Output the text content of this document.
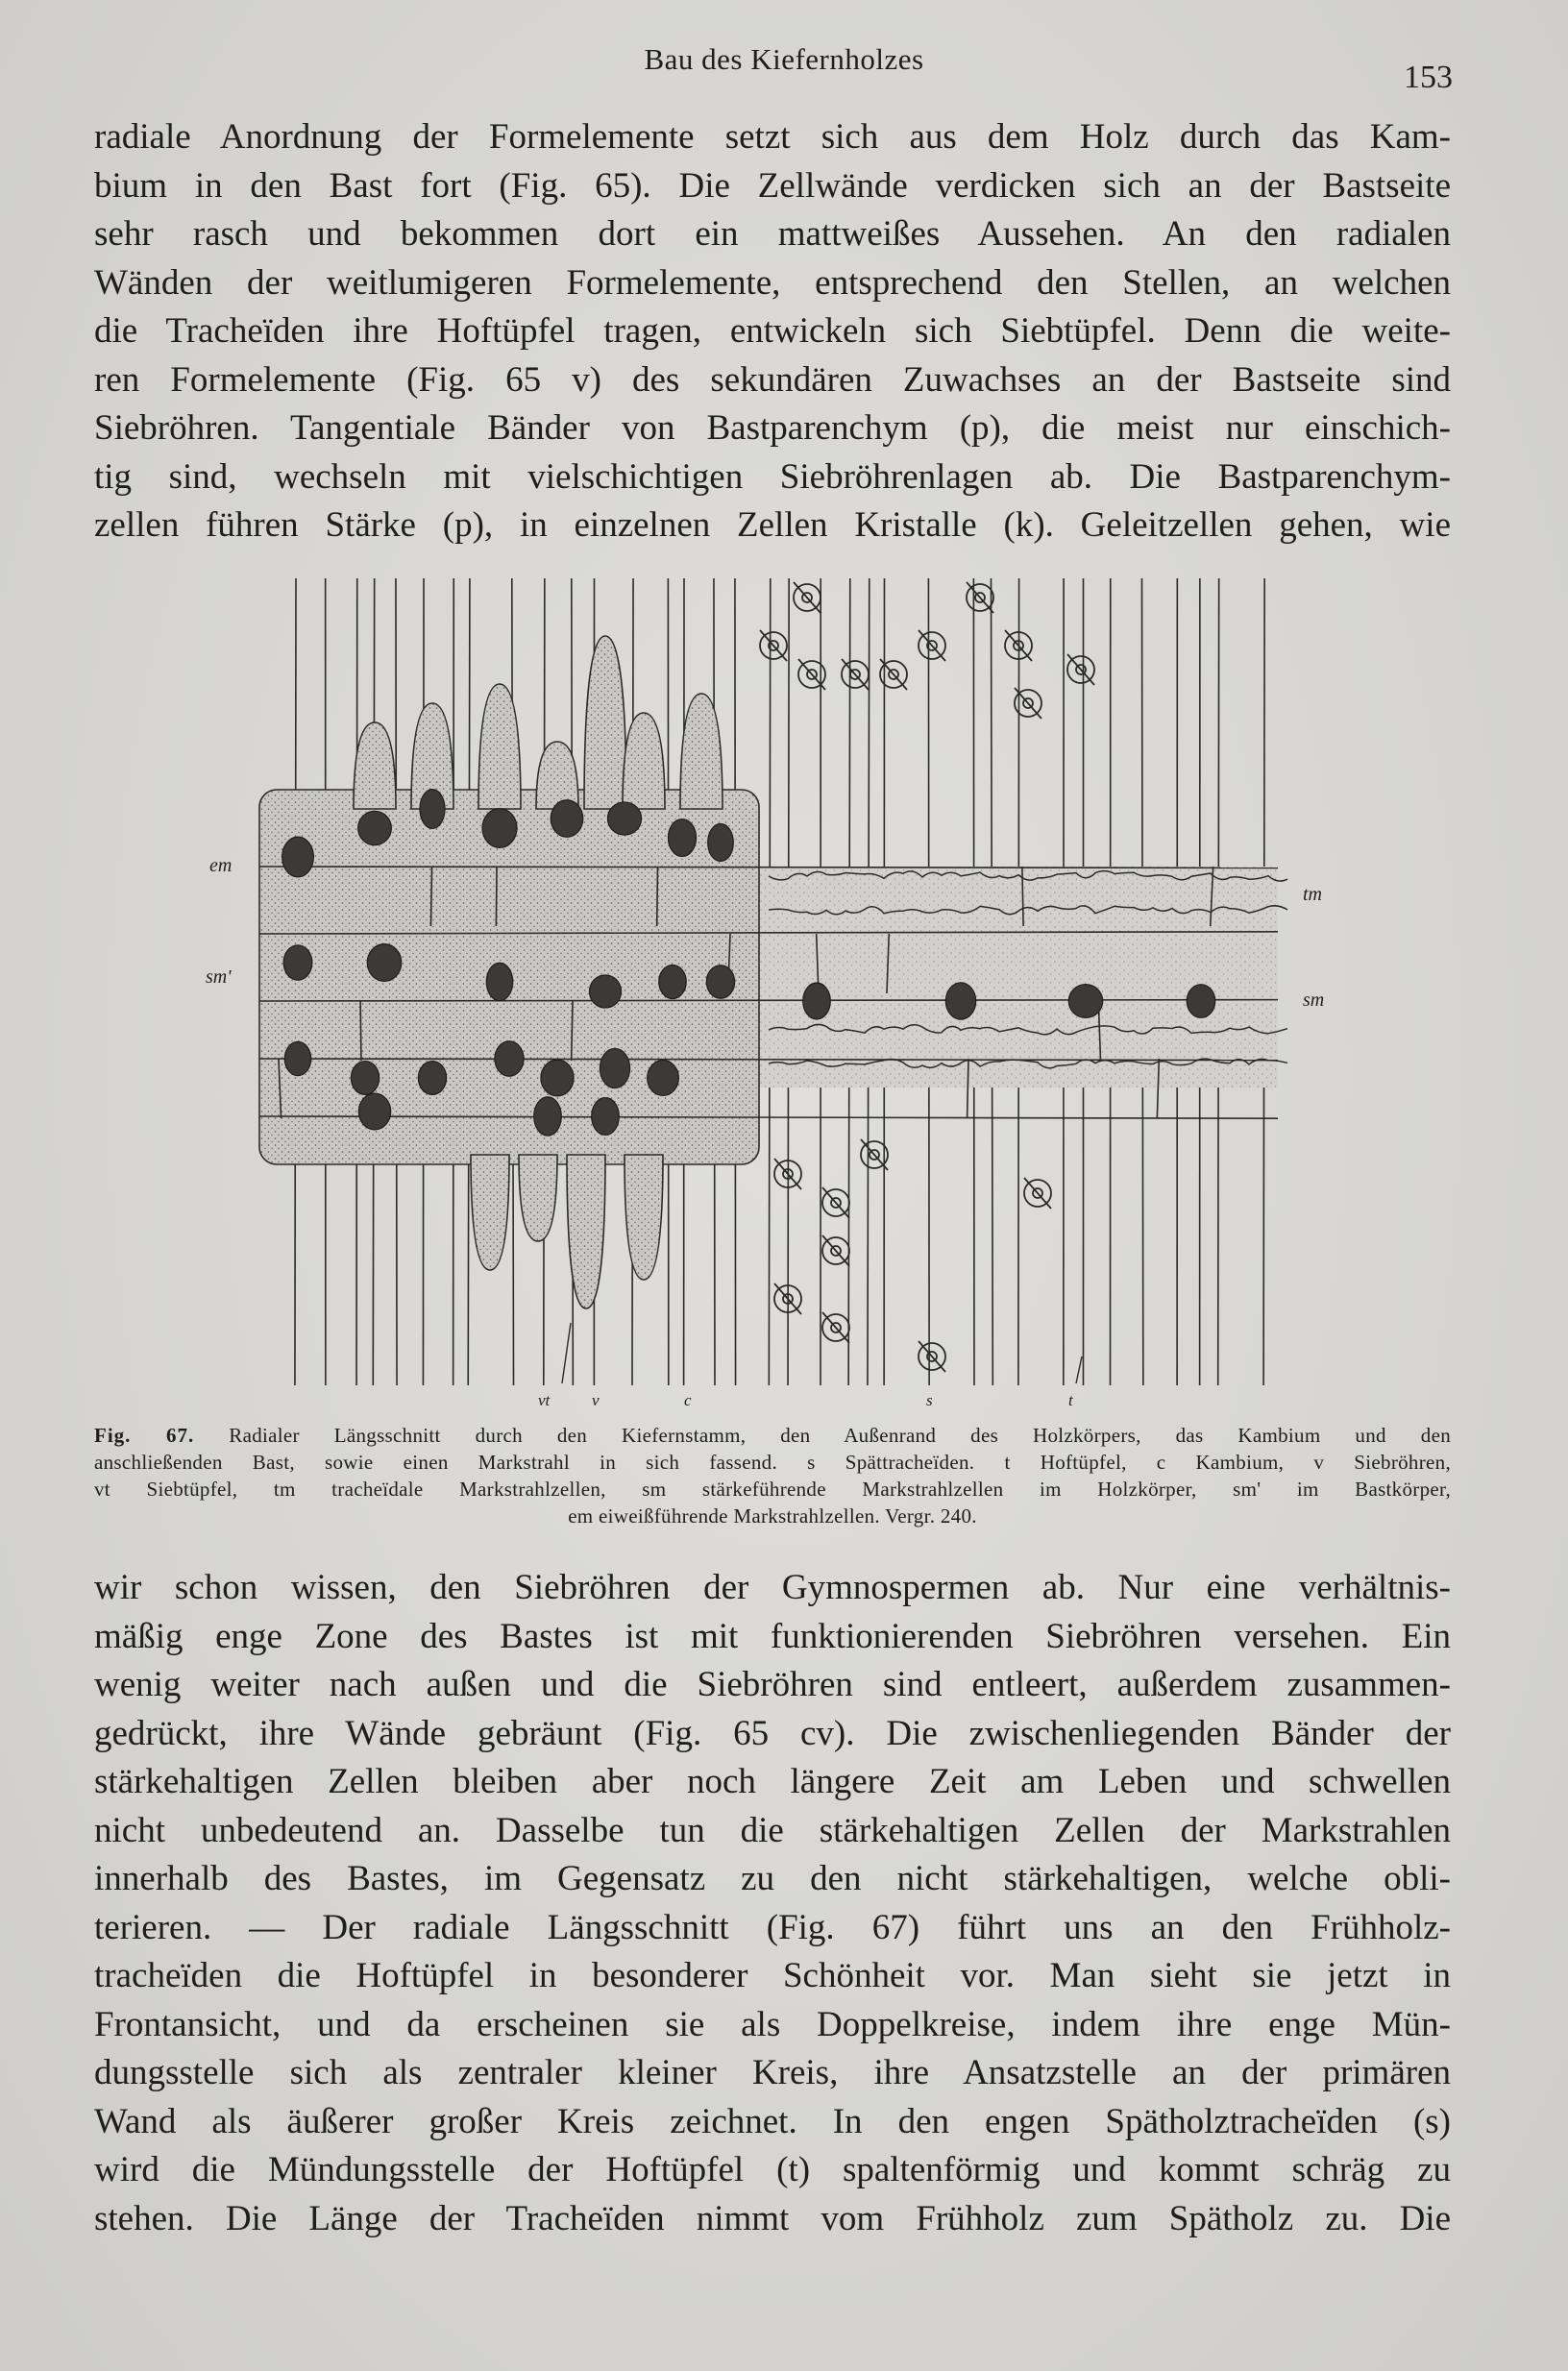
Bau des Kiefernholzes
153
radiale Anordnung der Formelemente setzt sich aus dem Holz durch das Kam-
bium in den Bast fort (Fig. 65). Die Zellwände verdicken sich an der Bastseite
sehr rasch und bekommen dort ein mattweißes Aussehen. An den radialen
Wänden der weitlumigeren Formelemente, entsprechend den Stellen, an welchen
die Tracheïden ihre Hoftüpfel tragen, entwickeln sich Siebtüpfel. Denn die weite-
ren Formelemente (Fig. 65 v) des sekundären Zuwachses an der Bastseite sind
Siebröhren. Tangentiale Bänder von Bastparenchym (p), die meist nur einschich-
tig sind, wechseln mit vielschichtigen Siebröhrenlagen ab. Die Bastparenchym-
zellen führen Stärke (p), in einzelnen Zellen Kristalle (k). Geleitzellen gehen, wie
em
sm'
tm
sm
vt	v	c	s	t
Fig. 67. Radialer Längsschnitt durch den Kiefernstamm, den Außenrand des Holzkörpers, das Kambium und den
anschließenden Bast, sowie einen Markstrahl in sich fassend. s Spättracheïden. t Hoftüpfel, c Kambium, v Siebröhren,
vt Siebtüpfel, tm tracheïdale Markstrahlzellen, sm stärkeführende Markstrahlzellen im Holzkörper, sm' im Bastkörper,
em eiweißführende Markstrahlzellen. Vergr. 240.
wir schon wissen, den Siebröhren der Gymnospermen ab. Nur eine verhältnis-
mäßig enge Zone des Bastes ist mit funktionierenden Siebröhren versehen. Ein
wenig weiter nach außen und die Siebröhren sind entleert, außerdem zusammen-
gedrückt, ihre Wände gebräunt (Fig. 65 cv). Die zwischenliegenden Bänder der
stärkehaltigen Zellen bleiben aber noch längere Zeit am Leben und schwellen
nicht unbedeutend an. Dasselbe tun die stärkehaltigen Zellen der Markstrahlen
innerhalb des Bastes, im Gegensatz zu den nicht stärkehaltigen, welche obli-
terieren. — Der radiale Längsschnitt (Fig. 67) führt uns an den Frühholz-
tracheïden die Hoftüpfel in besonderer Schönheit vor. Man sieht sie jetzt in
Frontansicht, und da erscheinen sie als Doppelkreise, indem ihre enge Mün-
dungsstelle sich als zentraler kleiner Kreis, ihre Ansatzstelle an der primären
Wand als äußerer großer Kreis zeichnet. In den engen Spätholztracheïden (s)
wird die Mündungsstelle der Hoftüpfel (t) spaltenförmig und kommt schräg zu
stehen. Die Länge der Tracheïden nimmt vom Frühholz zum Spätholz zu. Die
